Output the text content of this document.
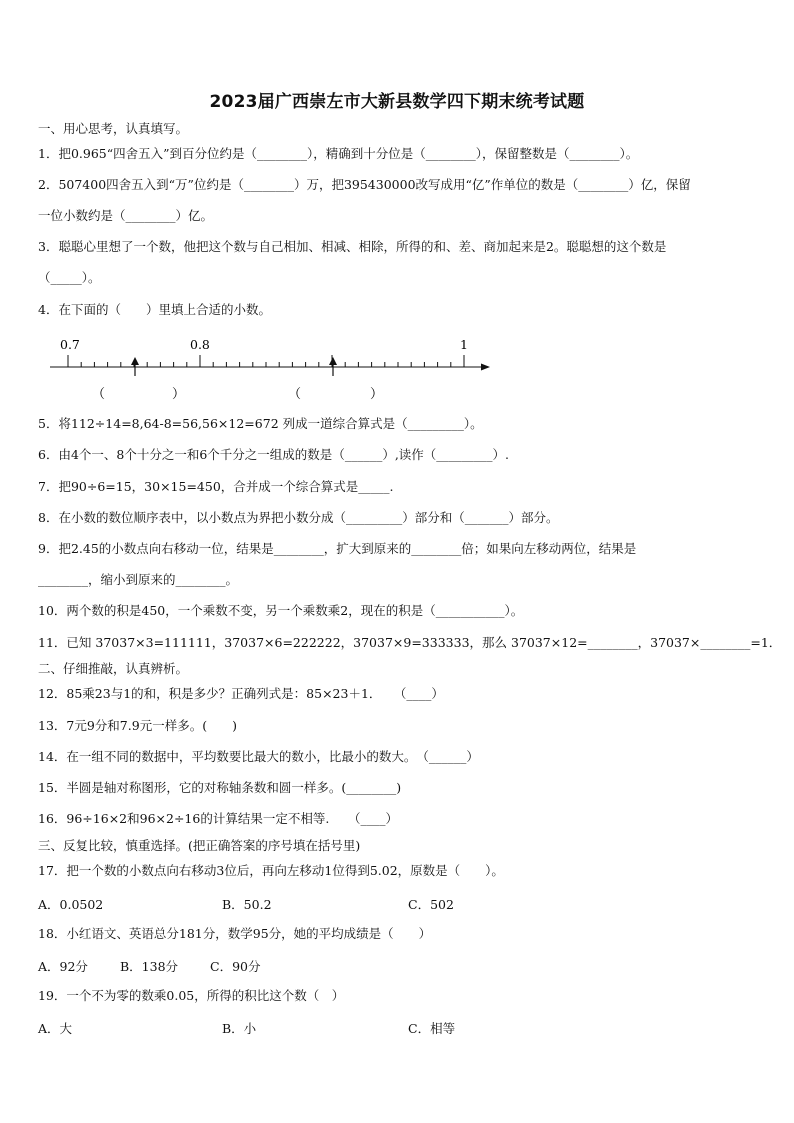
2023届广西崇左市大新县数学四下期末统考试题
一、用心思考，认真填写。
1．把0.965“四舍五入”到百分位约是（________），精确到十分位是（________），保留整数是（________）。
2．507400四舍五入到“万”位约是（________）万，把395430000改写成用“亿”作单位的数是（________）亿，保留
一位小数约是（________）亿。
3．聪聪心里想了一个数，他把这个数与自己相加、相减、相除，所得的和、差、商加起来是2。聪聪想的这个数是
（_____）。
4．在下面的（　　）里填上合适的小数。
0.7	0.8	1
（	）	（	）
5．将112÷14=8,64-8=56,56×12=672 列成一道综合算式是（_________）。
6．由4个一、8个十分之一和6个千分之一组成的数是（______）,读作（_________）.
7．把90÷6=15，30×15=450，合并成一个综合算式是_____.
8．在小数的数位顺序表中，以小数点为界把小数分成（_________）部分和（_______）部分。
9．把2.45的小数点向右移动一位，结果是________，扩大到原来的________倍；如果向左移动两位，结果是
________，缩小到原来的________。
10．两个数的积是450，一个乘数不变，另一个乘数乘2，现在的积是（___________）。
11．已知 37037×3=111111，37037×6=222222，37037×9=333333，那么 37037×12=________，37037×________=1．
二、仔细推敲，认真辨析。
12．85乘23与1的和，积是多少？正确列式是：85×23＋1．　　（____）
13．7元9分和7.9元一样多。(　　)
14．在一组不同的数据中，平均数要比最大的数小，比最小的数大。　（______）
15．半圆是轴对称图形，它的对称轴条数和圆一样多。(________)
16．96÷16×2和96×2÷16的计算结果一定不相等.　　（____）
三、反复比较，慎重选择。(把正确答案的序号填在括号里)
17．把一个数的小数点向右移动3位后，再向左移动1位得到5.02，原数是（　　）。
A．0.0502	B．50.2	C．502
18．小红语文、英语总分181分，数学95分，她的平均成绩是（　　）
A．92分	B．138分	C．90分
19．一个不为零的数乘0.05，所得的积比这个数（　）
A．大	B．小	C．相等
